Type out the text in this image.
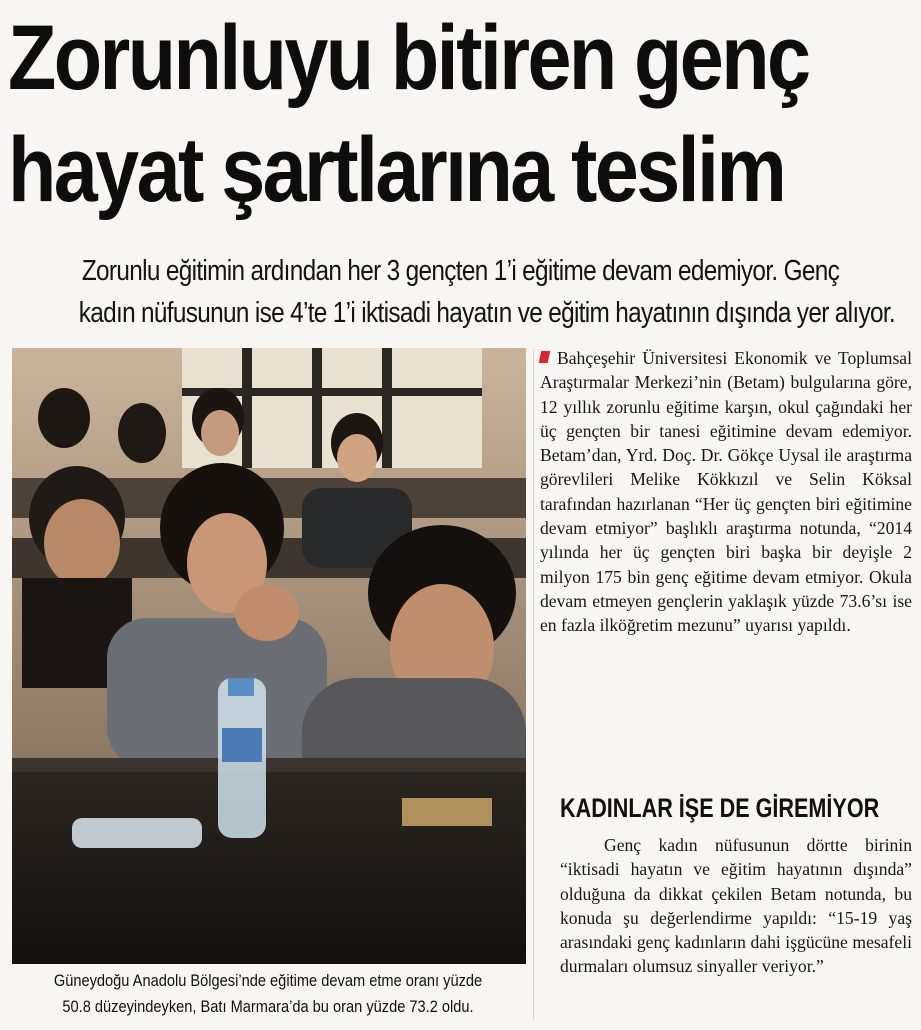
Zorunluyu bitiren genç
hayat şartlarına teslim
Zorunlu eğitimin ardından her 3 gençten 1’i eğitime devam edemiyor. Genç
kadın nüfusunun ise 4’te 1’i iktisadi hayatın ve eğitim hayatının dışında yer alıyor.
Güneydoğu Anadolu Bölgesi’nde eğitime devam etme oranı yüzde
50.8 düzeyindeyken, Batı Marmara’da bu oran yüzde 73.2 oldu.

Bahçeşehir Üniversitesi Ekonomik ve Toplumsal Araştırmalar Merkezi’nin (Betam) bulgularına göre, 12 yıllık zorunlu eğitime karşın, okul çağındaki her üç gençten bir tanesi eğitimine devam edemiyor. Betam’dan, Yrd. Doç. Dr. Gökçe Uysal ile araştırma görevlileri Melike Kökkızıl ve Selin Köksal tarafından hazırlanan “Her üç gençten biri eğitimine devam etmiyor” başlıklı araştırma notunda, “2014 yılında her üç gençten biri başka bir deyişle 2 milyon 175 bin genç eğitime devam etmiyor. Okula devam etmeyen gençlerin yaklaşık yüzde 73.6’sı ise en fazla ilköğretim mezunu” uyarısı yapıldı.

KADINLAR İŞE DE GİREMİYOR

Genç kadın nüfusunun dörtte birinin “iktisadi hayatın ve eğitim hayatının dışında” olduğuna da dikkat çekilen Betam notunda, bu konuda şu değerlendirme yapıldı: “15-19 yaş arasındaki genç kadınların dahi işgücüne mesafeli durmaları olumsuz sinyaller veriyor.”
